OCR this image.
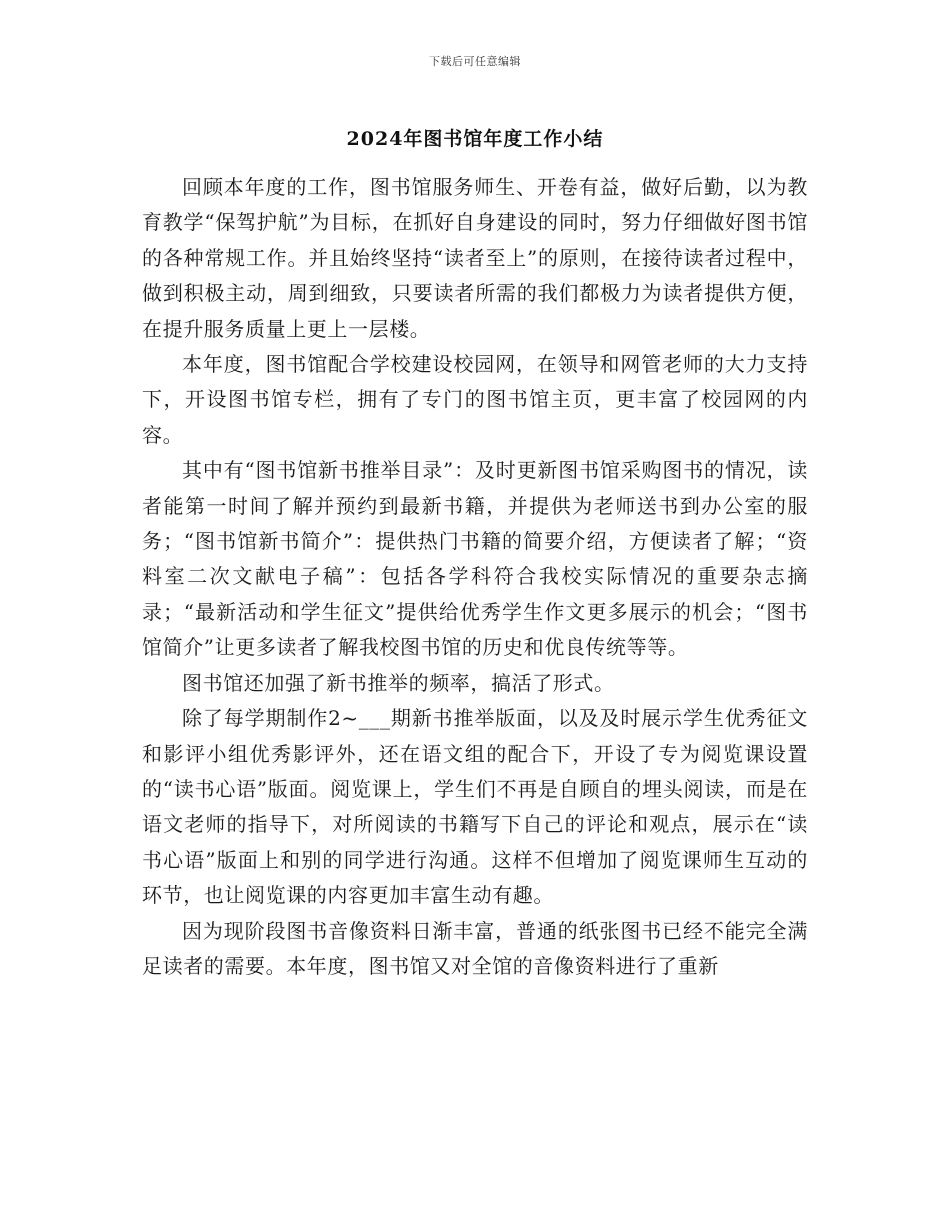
下载后可任意编辑
2024年图书馆年度工作小结

回顾本年度的工作，图书馆服务师生、开卷有益，做好后勤，以为教育教学“保驾护航”为目标，在抓好自身建设的同时，努力仔细做好图书馆的各种常规工作。并且始终坚持“读者至上”的原则，在接待读者过程中，做到积极主动，周到细致，只要读者所需的我们都极力为读者提供方便，在提升服务质量上更上一层楼。

本年度，图书馆配合学校建设校园网，在领导和网管老师的大力支持下，开设图书馆专栏，拥有了专门的图书馆主页，更丰富了校园网的内容。

其中有“图书馆新书推举目录”：及时更新图书馆采购图书的情况，读者能第一时间了解并预约到最新书籍，并提供为老师送书到办公室的服务；“图书馆新书简介”：提供热门书籍的简要介绍，方便读者了解；“资料室二次文献电子稿”：包括各学科符合我校实际情况的重要杂志摘录；“最新活动和学生征文”提供给优秀学生作文更多展示的机会；“图书馆简介”让更多读者了解我校图书馆的历史和优良传统等等。

图书馆还加强了新书推举的频率，搞活了形式。

除了每学期制作2~___期新书推举版面，以及及时展示学生优秀征文和影评小组优秀影评外，还在语文组的配合下，开设了专为阅览课设置的“读书心语”版面。阅览课上，学生们不再是自顾自的埋头阅读，而是在语文老师的指导下，对所阅读的书籍写下自己的评论和观点，展示在“读书心语”版面上和别的同学进行沟通。这样不但增加了阅览课师生互动的环节，也让阅览课的内容更加丰富生动有趣。

因为现阶段图书音像资料日渐丰富，普通的纸张图书已经不能完全满足读者的需要。本年度，图书馆又对全馆的音像资料进行了重新
